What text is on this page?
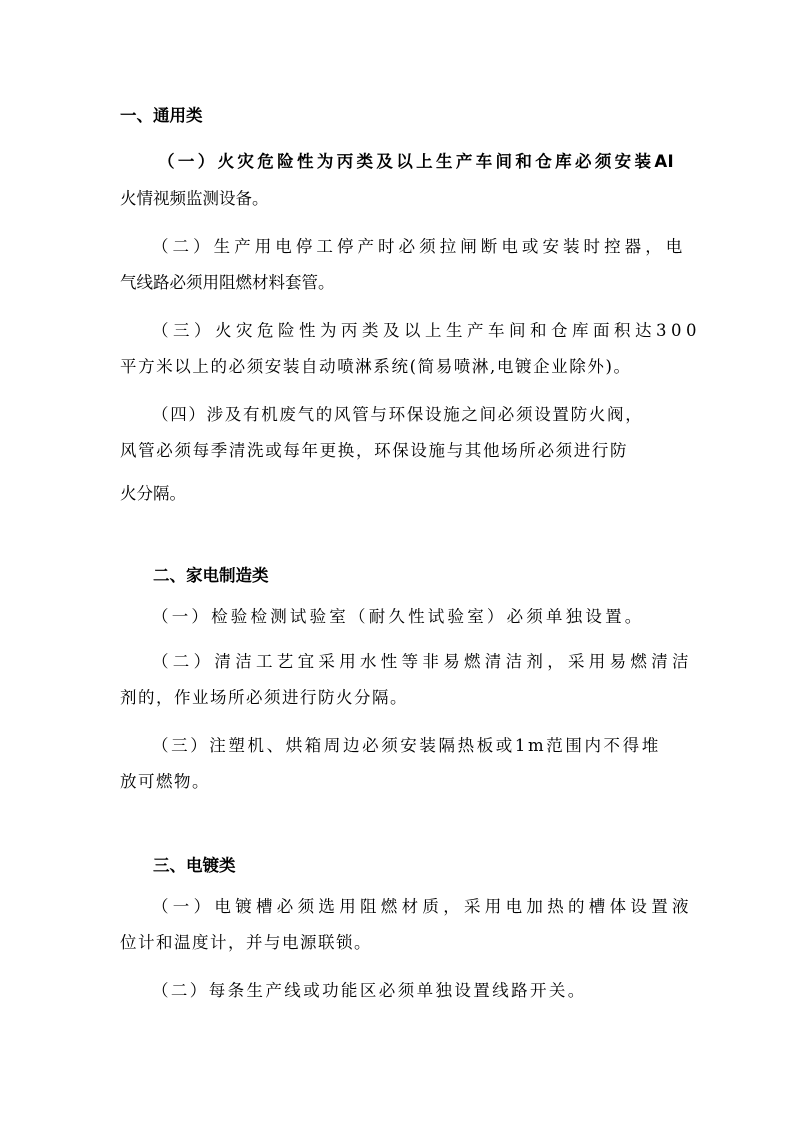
一、通用类
（一）火灾危险性为丙类及以上生产车间和仓库必须安装AI
火情视频监测设备。
（二）生产用电停工停产时必须拉闸断电或安装时控器，电
气线路必须用阻燃材料套管。
（三）火灾危险性为丙类及以上生产车间和仓库面积达300
平方米以上的必须安装自动喷淋系统(简易喷淋,电镀企业除外)。
（四）涉及有机废气的风管与环保设施之间必须设置防火阀，
风管必须每季清洗或每年更换，环保设施与其他场所必须进行防
火分隔。
二、家电制造类
（一）检验检测试验室（耐久性试验室）必须单独设置。
（二）清洁工艺宜采用水性等非易燃清洁剂，采用易燃清洁
剂的，作业场所必须进行防火分隔。
（三）注塑机、烘箱周边必须安装隔热板或1m范围内不得堆
放可燃物。
三、电镀类
（一）电镀槽必须选用阻燃材质，采用电加热的槽体设置液
位计和温度计，并与电源联锁。
（二）每条生产线或功能区必须单独设置线路开关。
